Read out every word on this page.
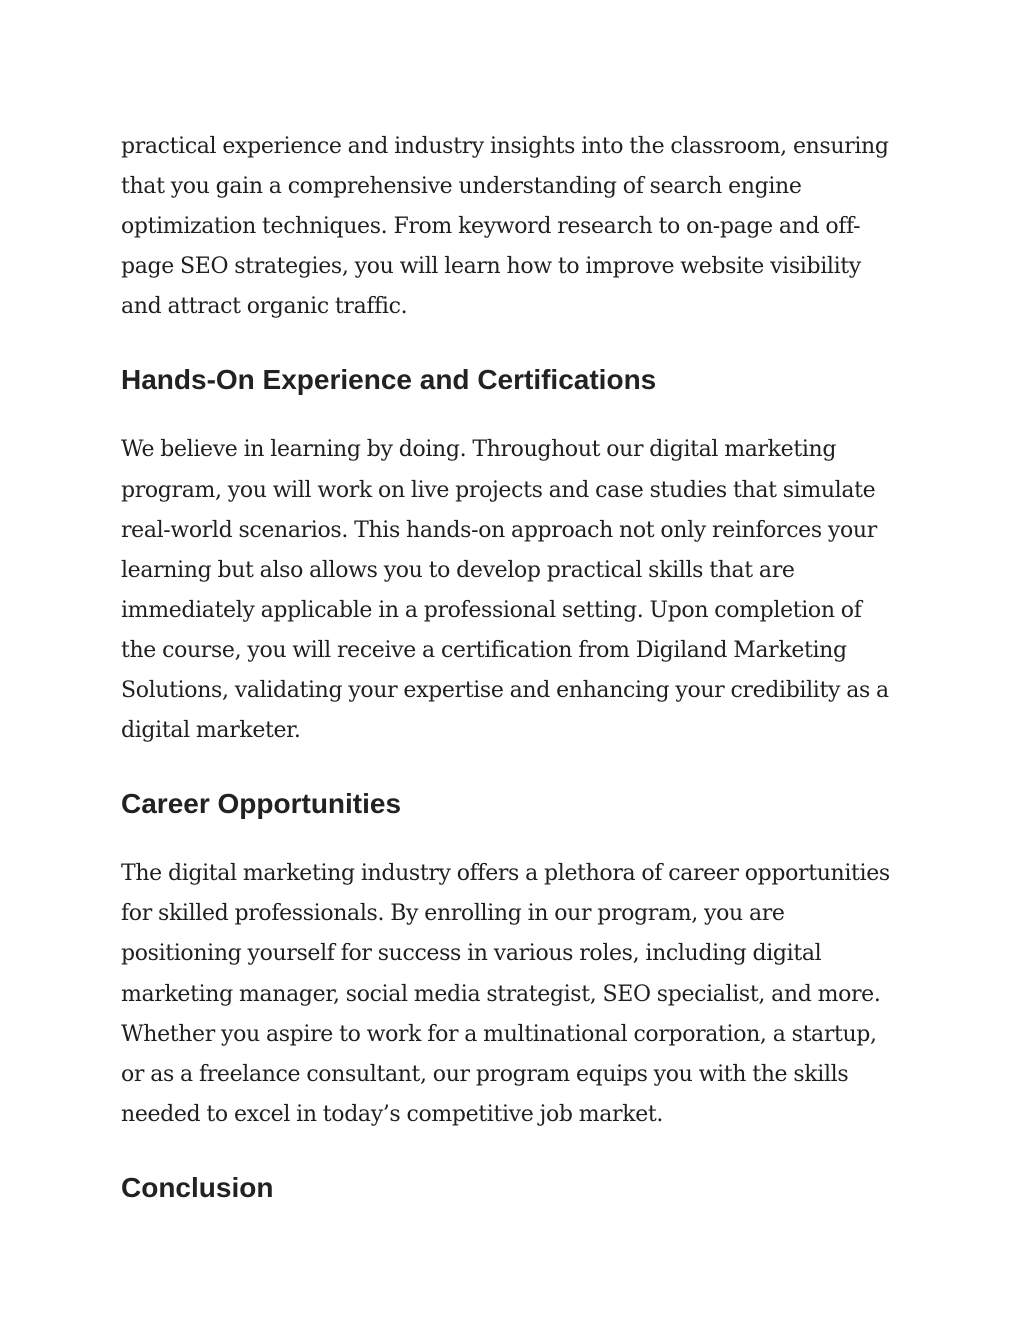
practical experience and industry insights into the classroom, ensuring
that you gain a comprehensive understanding of search engine
optimization techniques. From keyword research to on-page and off-
page SEO strategies, you will learn how to improve website visibility
and attract organic traffic.
Hands-On Experience and Certifications
We believe in learning by doing. Throughout our digital marketing
program, you will work on live projects and case studies that simulate
real-world scenarios. This hands-on approach not only reinforces your
learning but also allows you to develop practical skills that are
immediately applicable in a professional setting. Upon completion of
the course, you will receive a certification from Digiland Marketing
Solutions, validating your expertise and enhancing your credibility as a
digital marketer.
Career Opportunities
The digital marketing industry offers a plethora of career opportunities
for skilled professionals. By enrolling in our program, you are
positioning yourself for success in various roles, including digital
marketing manager, social media strategist, SEO specialist, and more.
Whether you aspire to work for a multinational corporation, a startup,
or as a freelance consultant, our program equips you with the skills
needed to excel in today’s competitive job market.
Conclusion
